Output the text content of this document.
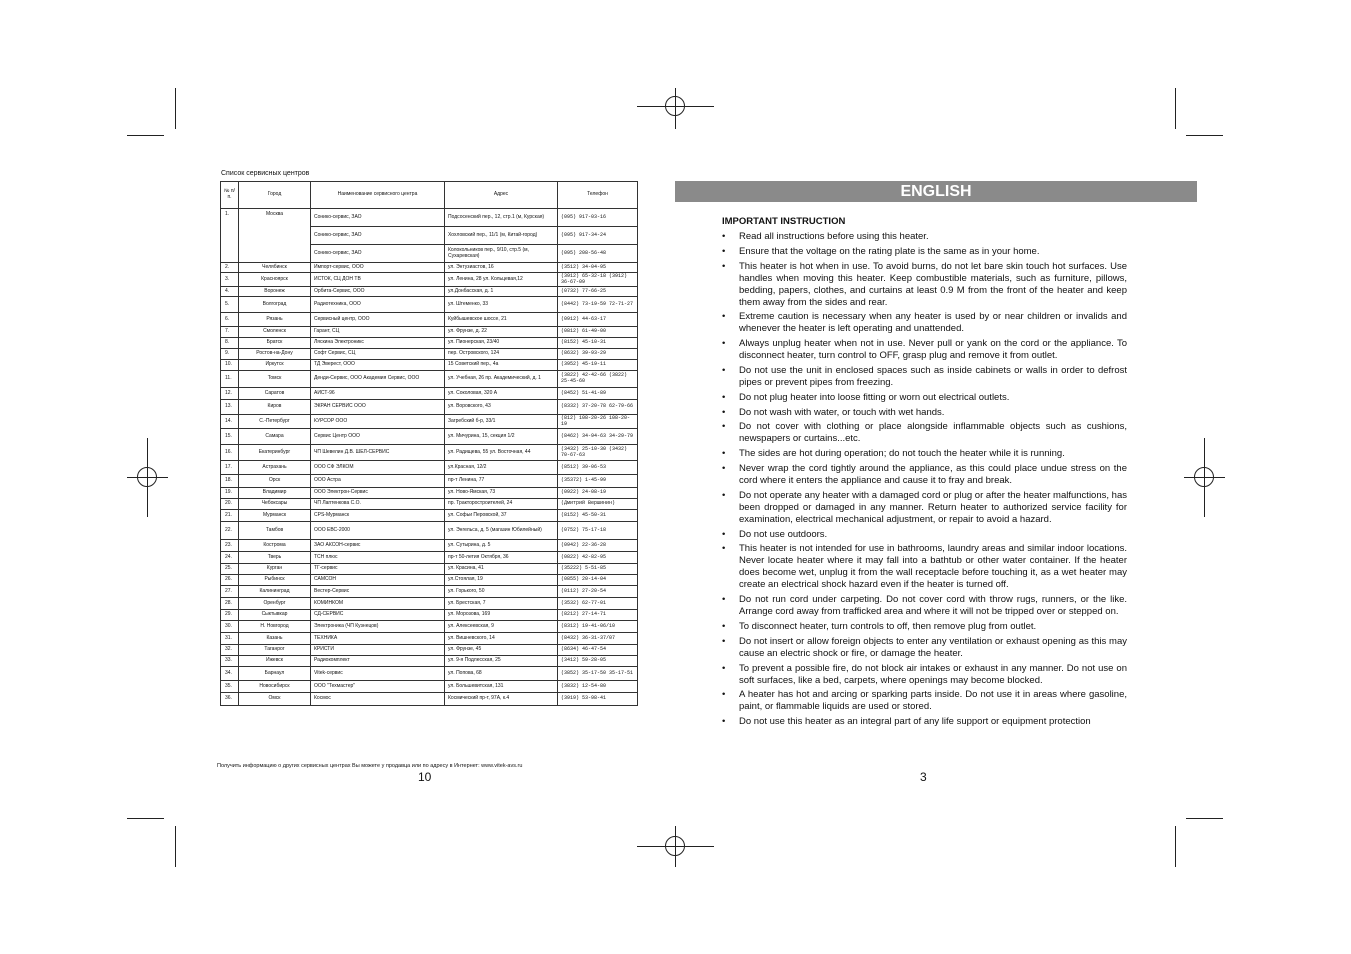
Список сервисных центров
№ п/п.	Город	Наименование сервисного центра	Адрес	Телефон
1.	Москва	Сонико-сервис, ЗАО	Подсосенский пер., 12, стр.1 (м, Курская)	(095) 917-03-16
		Сонико-сервис, ЗАО	Хохловский пер., 11/1 (м, Китай-город)	(095) 917-34-24
		Сонико-сервис, ЗАО	Колокольников пер., 9/10, стр.5 (м, Сухаревская)	(095) 208-56-48
2.	Челябинск	Импорт-сервис, ООО	ул. Энтузиастов, 16	(3512) 34-04-95
3.	Красноярск	ИСТОК, СЦ ДОН ТВ	ул. Ленина, 28 ул. Кольцевая,12	(3912) 65-32-18 (3912) 36-67-09
4.	Воронеж	Орбита-Сервис, ООО	ул.Донбасская, д. 1	(0732) 77-66-25
5.	Волгоград	Радиотехника, ООО	ул. Штеменко, 33	(8442) 73-19-59 72-71-27
6.	Рязань	Сервисный центр, ООО	Куйбышевское шоссе, 21	(0912) 44-63-17
7.	Смоленск	Гарант, СЦ	ул. Фрунзе, д. 22	(0812) 61-49-00
8.	Братск	Ляскина Электроникс	ул. Пионерская, 23/40	(8152) 45-10-31
9.	Ростов-на-Дону	Софт Сервис, СЦ	пер. Островского, 124	(8632) 39-93-29
10.	Иркутск	ТД Эверест, ООО	15 Советский пер., 4а	(3952) 45-19-11
11.	Томск	Денди-Сервис, ООО Академия Сервис, ООО	ул. Учебная, 26 пр. Академический, д. 1	(3822) 42-42-66 (3822) 25-45-60
12.	Саратов	АИСТ-96	ул. Соколовая, 320 А	(8452) 51-41-89
13.	Киров	ЭКРАН СЕРВИС ООО	ул. Воровского, 43	(8332) 37-20-78 62-79-66
14.	С.-Петербург	КУРСОР ООО	Загребский б-р, 33/1	(812) 108-20-26 108-20-19
15.	Самара	Сервис Центр ООО	ул. Мичурина, 15, секция 1/2	(8462) 34-94-63 34-29-79
16.	Екатеринбург	ЧП Шевелин Д.В. ШЕЛ-СЕРВИС	ул. Радищева, 55 ул. Восточная, 44	(3432) 25-10-30 (3432) 70-67-63
17.	Астрахань	ООО СФ ЭЛКОМ	ул.Красная, 12/2	(8512) 39-06-53
18.	Орск	ООО Астра	пр-т Ленина, 77	(35372) 1-45-99
19.	Владимир	ООО Электрон-Сервис	ул. Ново-Ямская, 73	(0922) 24-08-19
20.	Чебоксары	ЧП Лаптенкова С.О.	пр. Тракторостроителей, 24	(Дмитрий Вершинин)
21.	Мурманск	CPS-Мурманск	ул. Софьи Перовской, 37	(8152) 45-50-31
22.	Тамбов	ООО ЕВС-2000	ул. Энгельса, д. 5 (магазин Юбилейный)	(0752) 75-17-18
23.	Кострома	ЗАО АКСОН-сервис	ул. Сутырина, д. 5	(0942) 22-36-28
24.	Тверь	ТСН плюс	пр-т 50-летия Октября, 36	(0822) 42-82-95
25.	Курган	ТГ-сервис	ул. Красина, 41	(35222) 5-51-85
26.	Рыбинск	САМСОН	ул.Стоялая, 19	(0855) 20-14-04
27.	Калининград	Вестер-Сервис	ул. Горького, 50	(0112) 27-20-54
28.	Оренбург	КОМИНКОМ	ул. Брестская, 7	(3532) 62-77-01
29.	Сыктывкар	СД-СЕРВИС	ул. Морозова, 169	(8212) 27-14-71
30.	Н. Новгород	Электроника (ЧП Кузнецов)	ул. Алексеевская, 9	(8312) 19-41-06/10
31.	Казань	ТЕХНИКА	ул. Вишневского, 14	(8432) 36-31-37/07
32.	Таганрог	КРИСТИ	ул. Фрунзе, 45	(8634) 46-47-54
33.	Ижевск	Радиокомплект	ул. 9-я Подлесская, 25	(3412) 59-28-05
34.	Барнаул	Vitek-сервис	ул. Попова, 68	(3852) 35-17-50 35-17-51
35.	Новосибирск	ООО "Техмастер"	ул. Большевитская, 131	(3832) 12-54-80
36.	Омск	Космос	Космический пр-т, 97А, к.4	(3919) 53-98-41
Получить информацию о других сервисных центрах Вы можете у продавца или по адресу в Интернет: www.vitek-avs.ru
10
ENGLISH
IMPORTANT INSTRUCTION
• Read all instructions before using this heater.
• Ensure that the voltage on the rating plate is the same as in your home.
• This heater is hot when in use. To avoid burns, do not let bare skin touch hot surfaces. Use handles when moving this heater. Keep combustible materials, such as furniture, pillows, bedding, papers, clothes, and curtains at least 0.9 M from the front of the heater and keep them away from the sides and rear.
• Extreme caution is necessary when any heater is used by or near children or invalids and whenever the heater is left operating and unattended.
• Always unplug heater when not in use. Never pull or yank on the cord or the appliance. To disconnect heater, turn control to OFF, grasp plug and remove it from outlet.
• Do not use the unit in enclosed spaces such as inside cabinets or walls in order to defrost pipes or prevent pipes from freezing.
• Do not plug heater into loose fitting or worn out electrical outlets.
• Do not wash with water, or touch with wet hands.
• Do not cover with clothing or place alongside inflammable objects such as cushions, newspapers or curtains...etc.
• The sides are hot during operation; do not touch the heater while it is running.
• Never wrap the cord tightly around the appliance, as this could place undue stress on the cord where it enters the appliance and cause it to fray and break.
• Do not operate any heater with a damaged cord or plug or after the heater malfunctions, has been dropped or damaged in any manner. Return heater to authorized service facility for examination, electrical mechanical adjustment, or repair to avoid a hazard.
• Do not use outdoors.
• This heater is not intended for use in bathrooms, laundry areas and similar indoor locations. Never locate heater where it may fall into a bathtub or other water container. If the heater does become wet, unplug it from the wall receptacle before touching it, as a wet heater may create an electrical shock hazard even if the heater is turned off.
• Do not run cord under carpeting. Do not cover cord with throw rugs, runners, or the like. Arrange cord away from trafficked area and where it will not be tripped over or stepped on.
• To disconnect heater, turn controls to off, then remove plug from outlet.
• Do not insert or allow foreign objects to enter any ventilation or exhaust opening as this may cause an electric shock or fire, or damage the heater.
• To prevent a possible fire, do not block air intakes or exhaust in any manner. Do not use on soft surfaces, like a bed, carpets, where openings may become blocked.
• A heater has hot and arcing or sparking parts inside. Do not use it in areas where gasoline, paint, or flammable liquids are used or stored.
• Do not use this heater as an integral part of any life support or equipment protection
3
